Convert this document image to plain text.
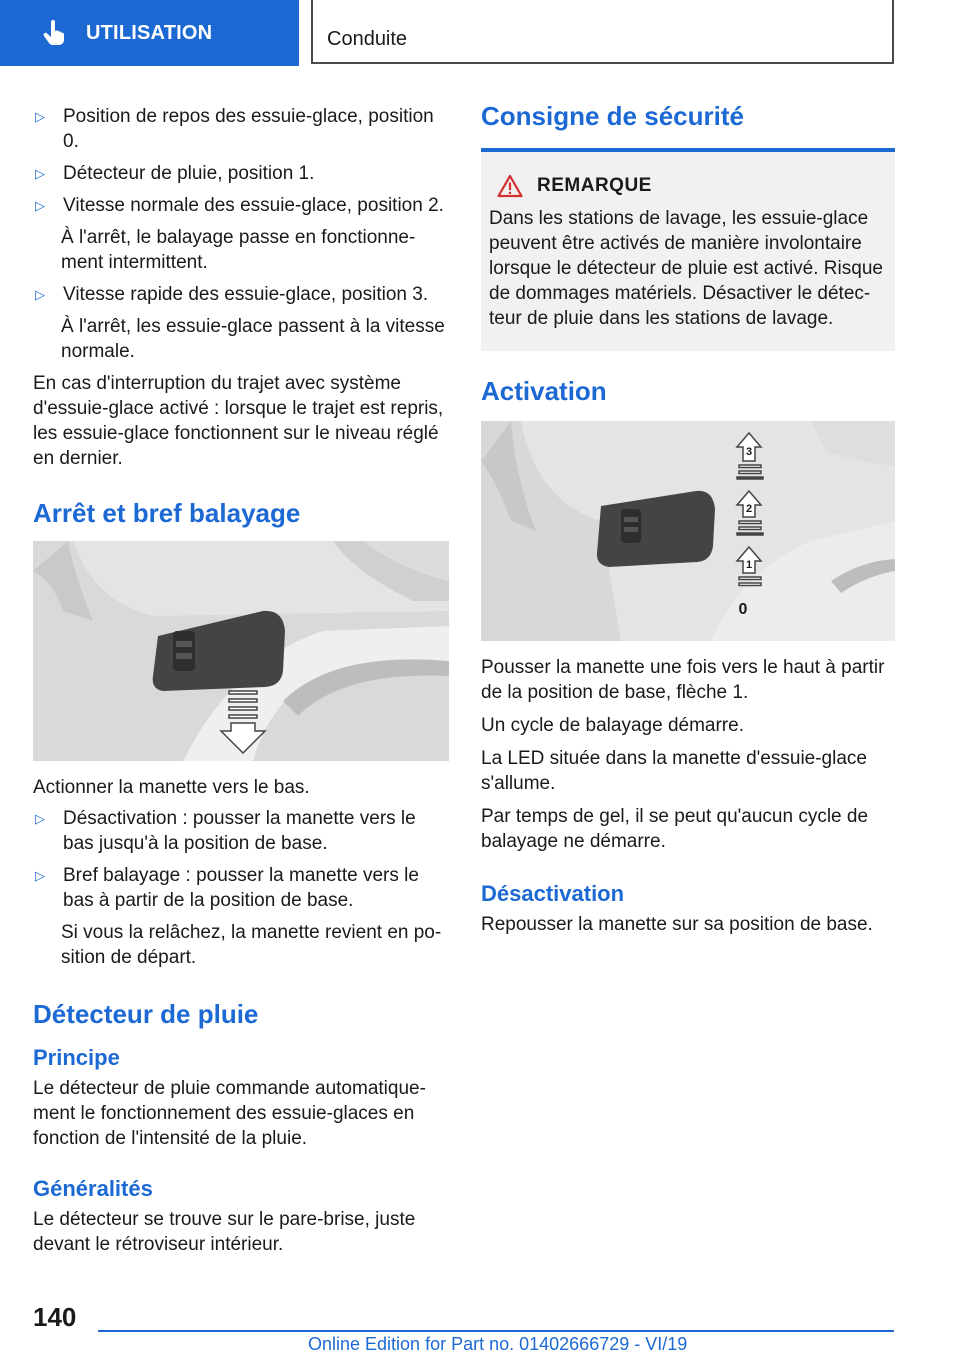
UTILISATION	Conduite
▷ Position de repos des essuie-glace, position 0.
▷ Détecteur de pluie, position 1.
▷ Vitesse normale des essuie-glace, position 2.
À l'arrêt, le balayage passe en fonctionne-ment intermittent.
▷ Vitesse rapide des essuie-glace, position 3.
À l'arrêt, les essuie-glace passent à la vitesse normale.

En cas d'interruption du trajet avec système d'essuie-glace activé : lorsque le trajet est repris, les essuie-glace fonctionnent sur le niveau réglé en dernier.

Arrêt et bref balayage

Actionner la manette vers le bas.

▷ Désactivation : pousser la manette vers le bas jusqu'à la position de base.
▷ Bref balayage : pousser la manette vers le bas à partir de la position de base.
Si vous la relâchez, la manette revient en po-sition de départ.
Détecteur de pluie
Principe

Le détecteur de pluie commande automatique-ment le fonctionnement des essuie-glaces en fonction de l'intensité de la pluie.

Généralités

Le détecteur se trouve sur le pare-brise, juste devant le rétroviseur intérieur.

Consigne de sécurité
REMARQUE

Dans les stations de lavage, les essuie-glace peuvent être activés de manière involontaire lorsque le détecteur de pluie est activé. Risque de dommages matériels. Désactiver le détec-teur de pluie dans les stations de lavage.

Activation
3
2
1
0

Pousser la manette une fois vers le haut à partir de la position de base, flèche 1.

Un cycle de balayage démarre.

La LED située dans la manette d'essuie-glace s'allume.

Par temps de gel, il se peut qu'aucun cycle de balayage ne démarre.

Désactivation

Repousser la manette sur sa position de base.

140
Online Edition for Part no. 01402666729 - VI/19
